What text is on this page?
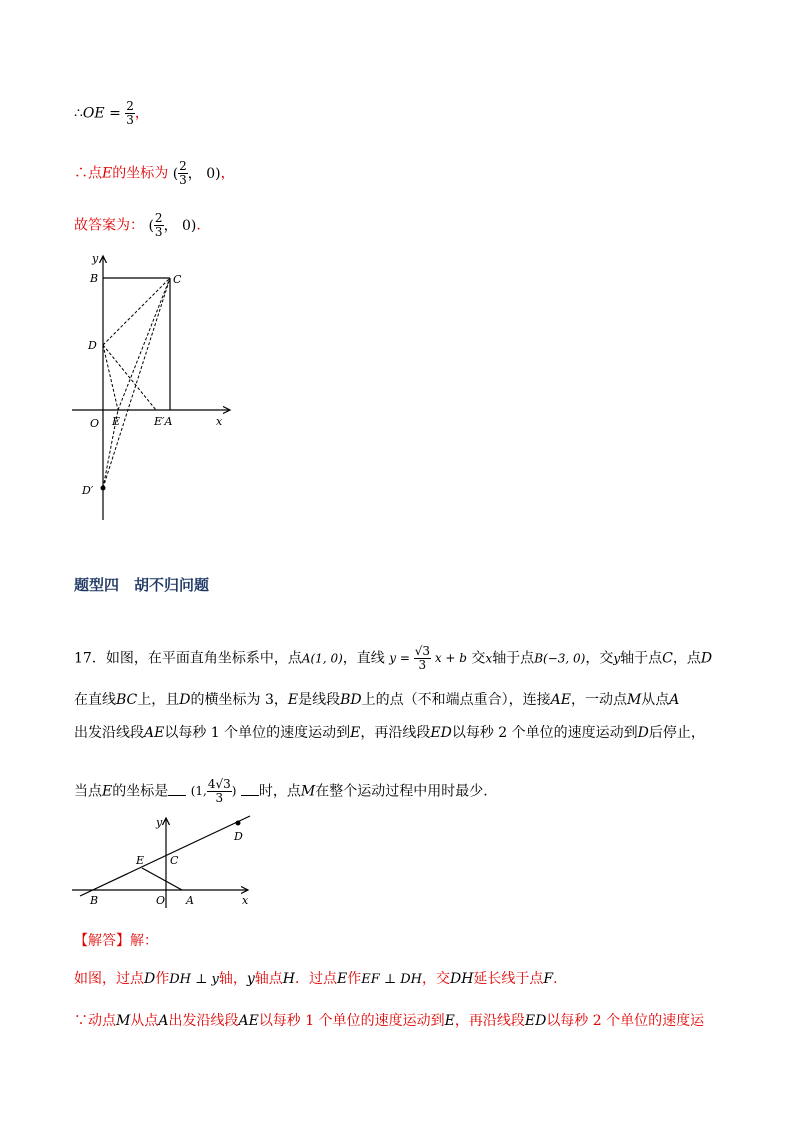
∴OE = $\frac{2}{3}$ ，
∴点E的坐标为 ( $\frac{2}{3}$ ， 0)，
故答案为： ( $\frac{2}{3}$ ， 0).
y
B	C
D
O E	E′A	x
D′
题型四　胡不归问题
17．如图，在平面直角坐标系中，点A(1, 0)，直线 $y = \frac{√3}{3}$ x + b 交x轴于点B(−3, 0)，交y轴于点C，点D
在直线BC上，且D的横坐标为 3，E是线段BD上的点（不和端点重合），连接AE，一动点M从点A
出发沿线段AE以每秒 1 个单位的速度运动到E，再沿线段ED以每秒 2 个单位的速度运动到D后停止，
当点E的坐标是 (1, $\frac{4√3}{3}$ ) 时，点M在整个运动过程中用时最少.
y
D
E C
B	O A	x
【解答】解：
如图，过点D作DH ⊥ y轴，y轴点H．过点E作EF ⊥ DH，交DH延长线于点F.
∵动点M从点A出发沿线段AE以每秒 1 个单位的速度运动到E，再沿线段ED以每秒 2 个单位的速度运
